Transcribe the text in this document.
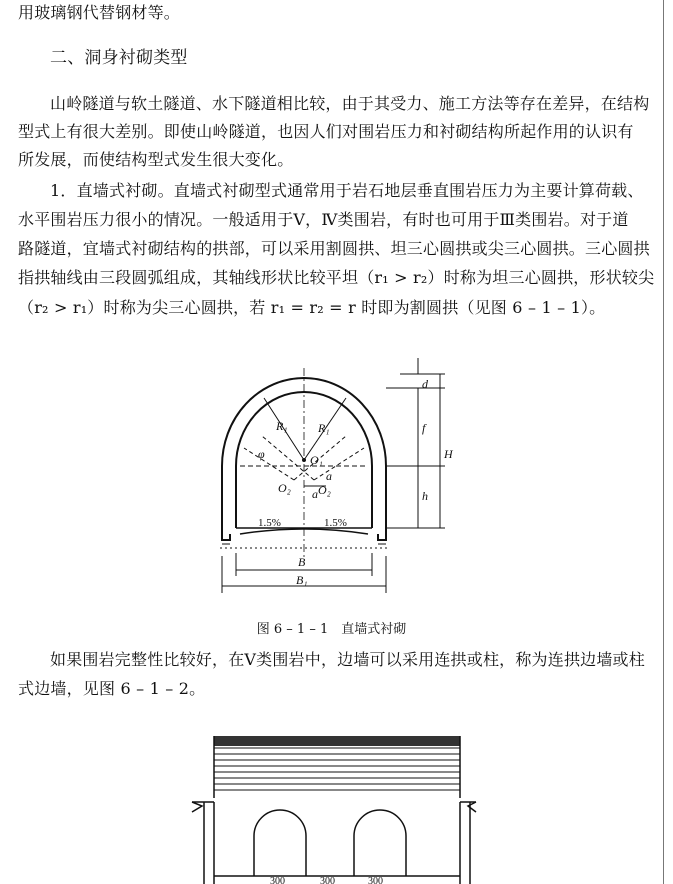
用玻璃钢代替钢材等。
二、洞身衬砌类型
山岭隧道与软土隧道、水下隧道相比较，由于其受力、施工方法等存在差异，在结构
型式上有很大差别。即使山岭隧道，也因人们对围岩压力和衬砌结构所起作用的认识有
所发展，而使结构型式发生很大变化。
1．直墙式衬砌。直墙式衬砌型式通常用于岩石地层垂直围岩压力为主要计算荷载、
水平围岩压力很小的情况。一般适用于Ⅴ，Ⅳ类围岩，有时也可用于Ⅲ类围岩。对于道
路隧道，宜墙式衬砌结构的拱部，可以采用割圆拱、坦三心圆拱或尖三心圆拱。三心圆拱
指拱轴线由三段圆弧组成，其轴线形状比较平坦（r₁ > r₂）时称为坦三心圆拱，形状较尖
（r₂ > r₁）时称为尖三心圆拱，若 r₁ = r₂ = r 时即为割圆拱（见图 6 – 1 – 1）。
R₁	R₁
φ	O₁
O₂ O₂
a
a
d
f
h
H
B
B₁
1.5%	1.5%
图 6 – 1 – 1　直墙式衬砌
如果围岩完整性比较好，在Ⅴ类围岩中，边墙可以采用连拱或柱，称为连拱边墙或柱
式边墙，见图 6 – 1 – 2。
300	300	300
